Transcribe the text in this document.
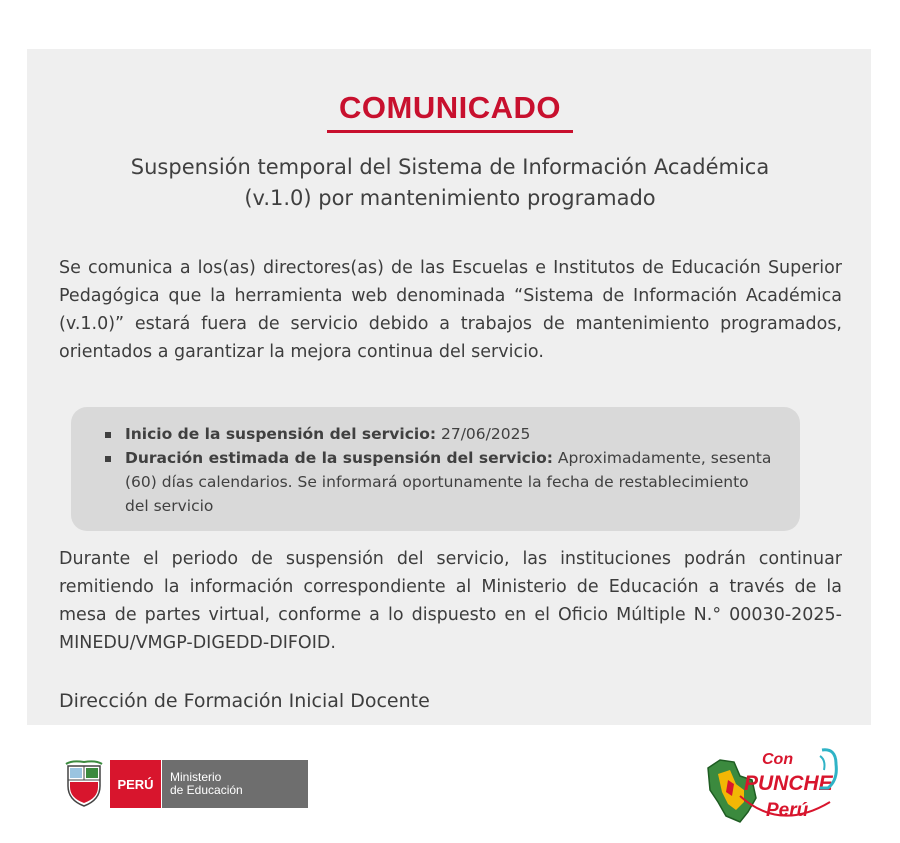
COMUNICADO
Suspensión temporal del Sistema de Información Académica
(v.1.0) por mantenimiento programado
Se comunica a los(as) directores(as) de las Escuelas e Institutos de Educación Superior Pedagógica que la herramienta web denominada “Sistema de Información Académica (v.1.0)” estará fuera de servicio debido a trabajos de mantenimiento programados, orientados a garantizar la mejora continua del servicio.
Inicio de la suspensión del servicio: 27/06/2025
Duración estimada de la suspensión del servicio: Aproximadamente, sesenta (60) días calendarios. Se informará oportunamente la fecha de restablecimiento del servicio
Durante el periodo de suspensión del servicio, las instituciones podrán continuar remitiendo la información correspondiente al Ministerio de Educación a través de la mesa de partes virtual, conforme a lo dispuesto en el Oficio Múltiple N.° 00030-2025-MINEDU/VMGP-DIGEDD-DIFOID.
Dirección de Formación Inicial Docente
PERÚ	Ministerio
de Educación
Con
PUNCHE
Perú
